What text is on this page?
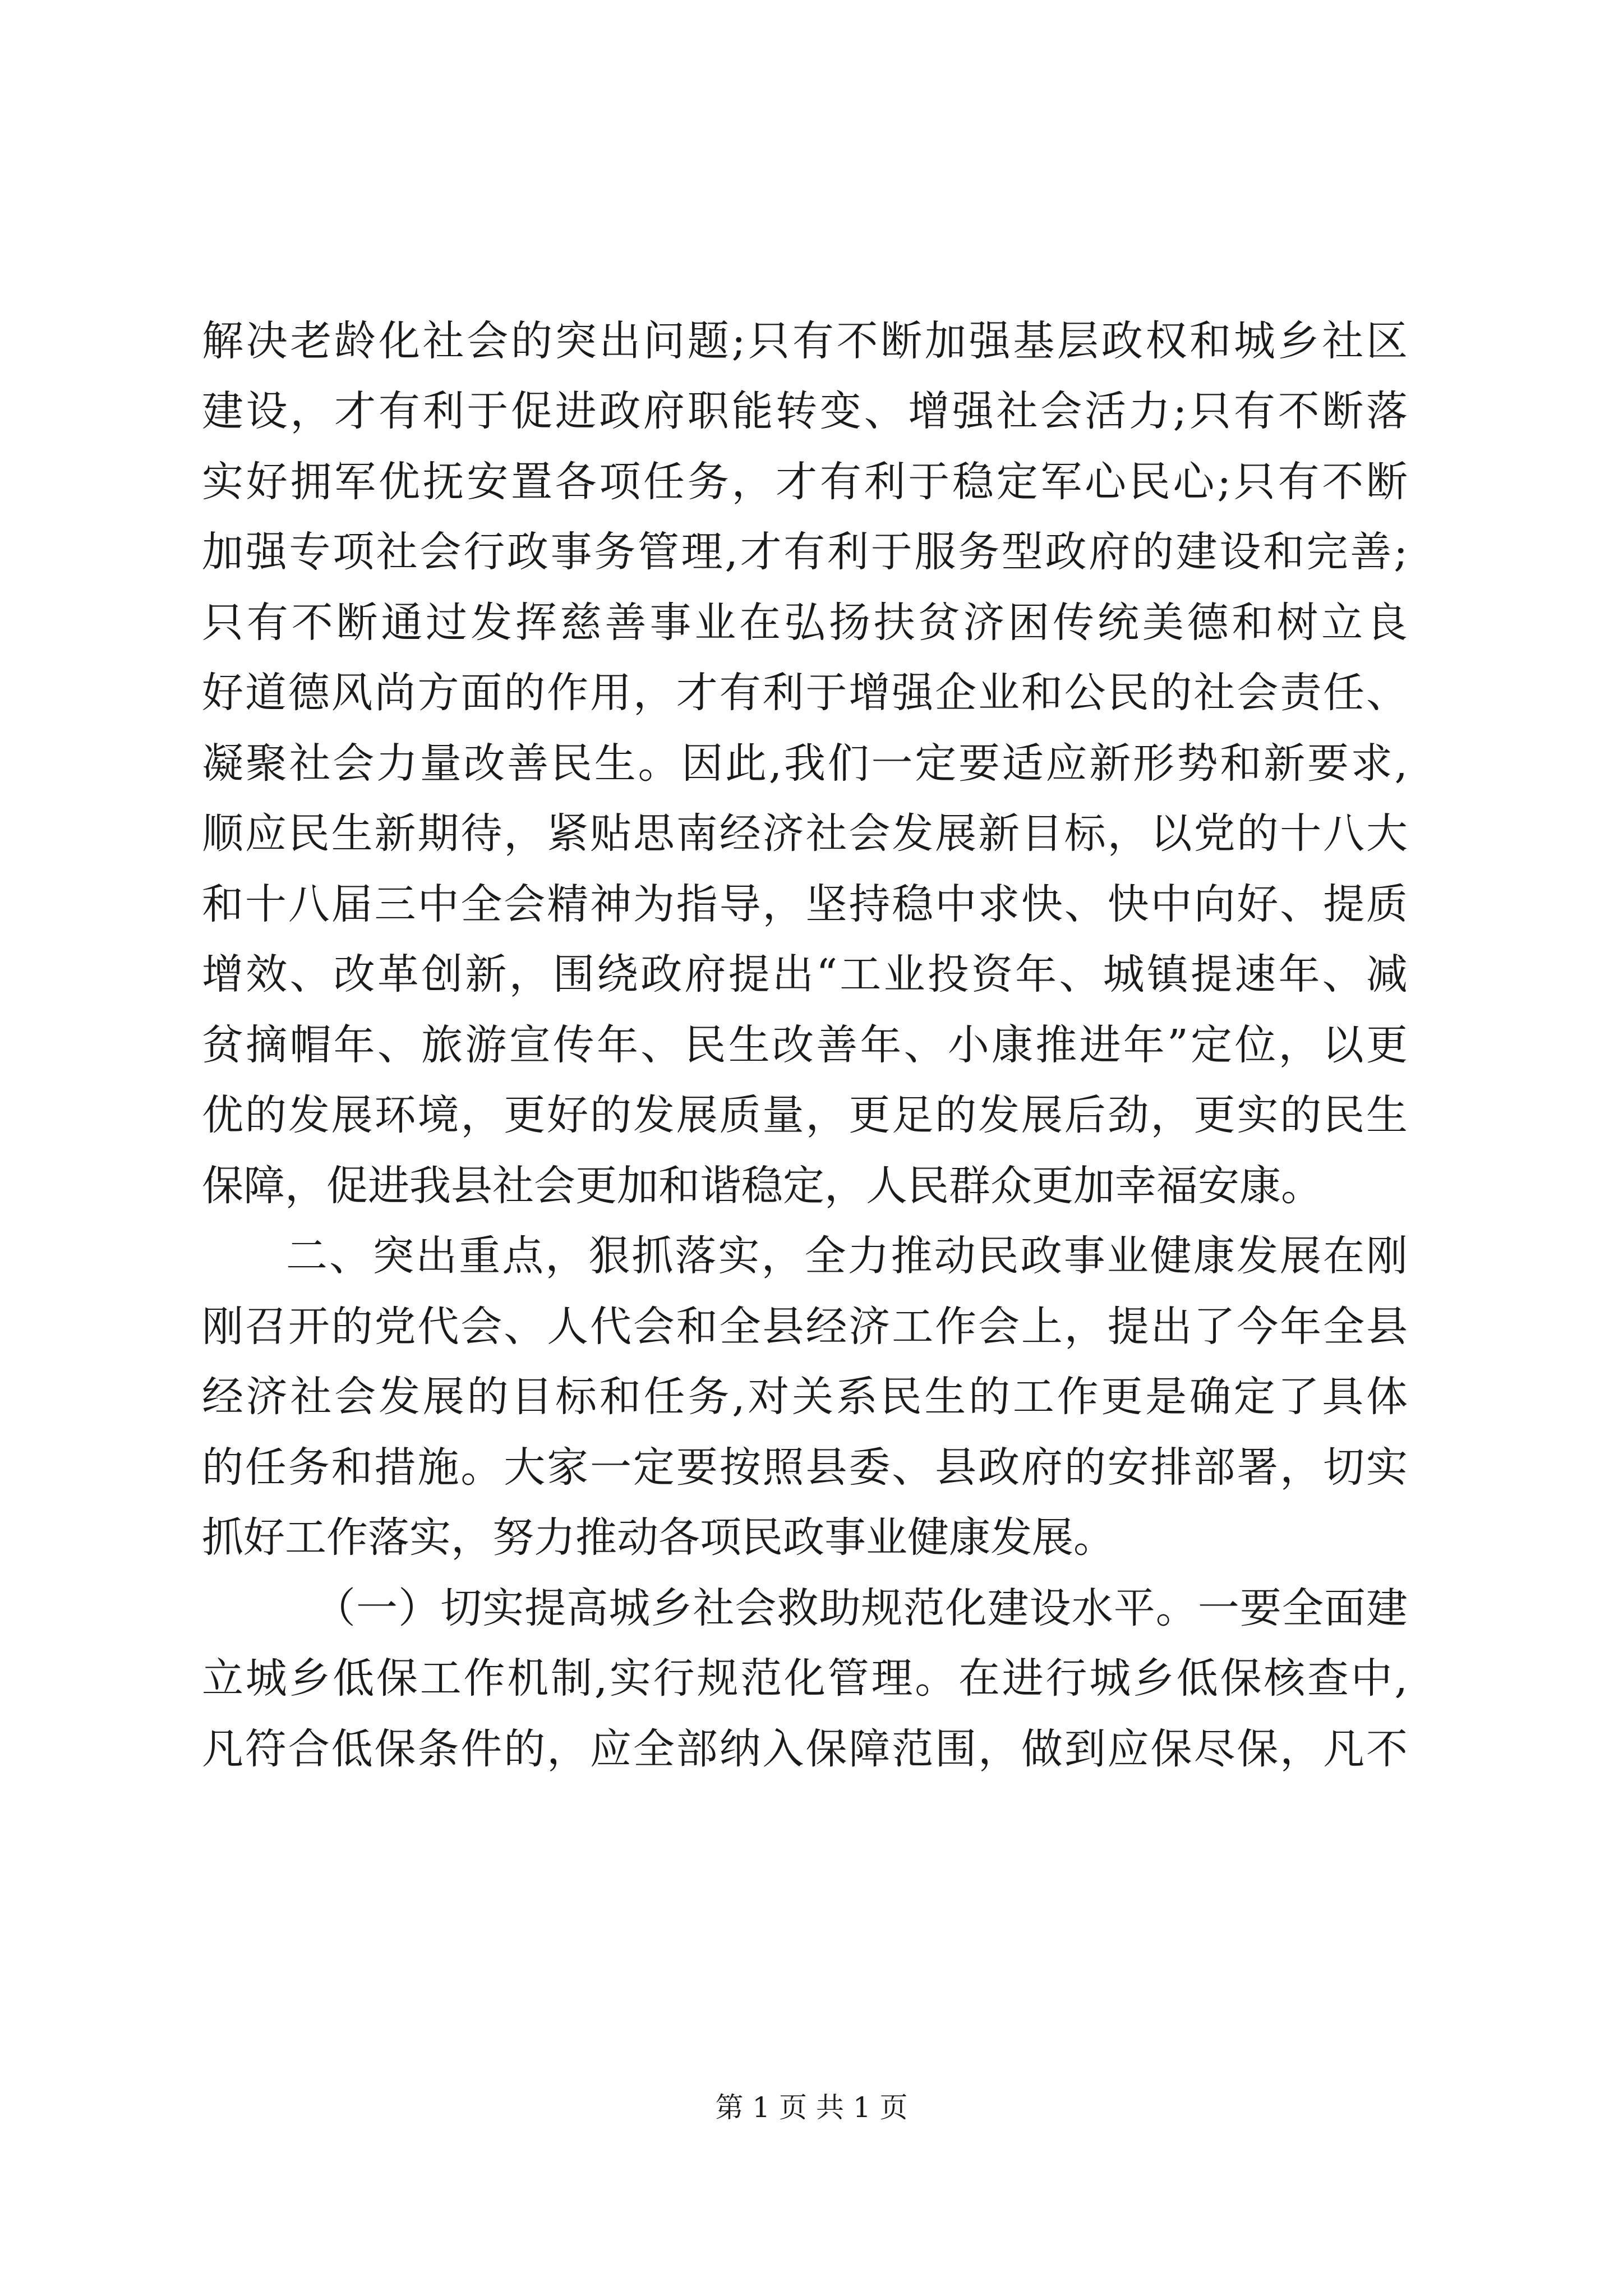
解决老龄化社会的突出问题;只有不断加强基层政权和城乡社区
建设，才有利于促进政府职能转变、增强社会活力;只有不断落
实好拥军优抚安置各项任务，才有利于稳定军心民心;只有不断
加强专项社会行政事务管理,才有利于服务型政府的建设和完善;
只有不断通过发挥慈善事业在弘扬扶贫济困传统美德和树立良
好道德风尚方面的作用，才有利于增强企业和公民的社会责任、
凝聚社会力量改善民生。因此,我们一定要适应新形势和新要求,
顺应民生新期待，紧贴思南经济社会发展新目标，以党的十八大
和十八届三中全会精神为指导，坚持稳中求快、快中向好、提质
增效、改革创新，围绕政府提出“工业投资年、城镇提速年、减
贫摘帽年、旅游宣传年、民生改善年、小康推进年”定位，以更
优的发展环境，更好的发展质量，更足的发展后劲，更实的民生
保障，促进我县社会更加和谐稳定，人民群众更加幸福安康。
二、突出重点，狠抓落实，全力推动民政事业健康发展在刚
刚召开的党代会、人代会和全县经济工作会上，提出了今年全县
经济社会发展的目标和任务,对关系民生的工作更是确定了具体
的任务和措施。大家一定要按照县委、县政府的安排部署，切实
抓好工作落实，努力推动各项民政事业健康发展。
（一）切实提高城乡社会救助规范化建设水平。一要全面建
立城乡低保工作机制,实行规范化管理。在进行城乡低保核查中,
凡符合低保条件的，应全部纳入保障范围，做到应保尽保，凡不
第 1 页 共 1 页
